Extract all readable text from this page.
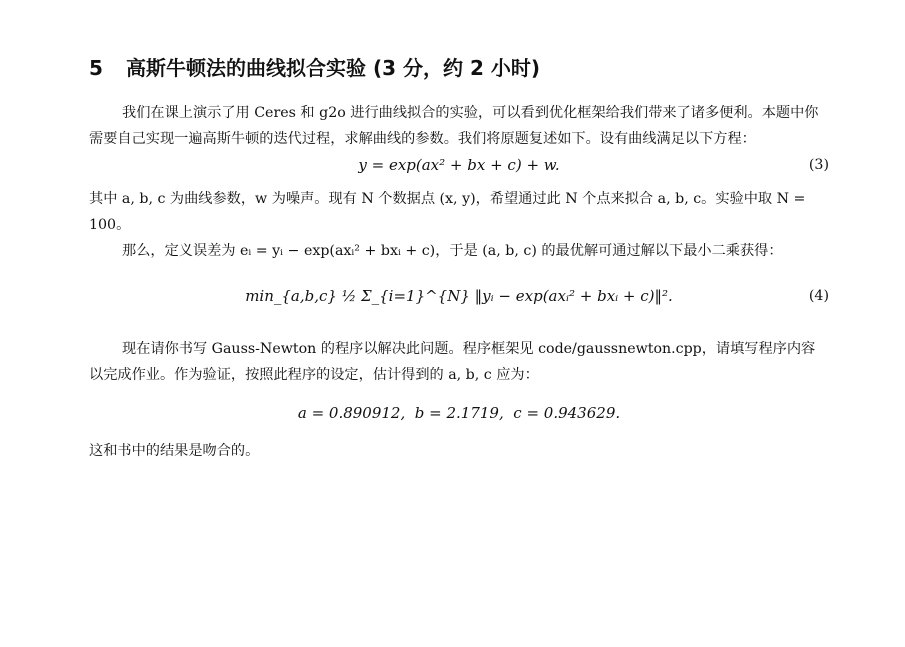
5	高斯牛顿法的曲线拟合实验 (3 分，约 2 小时)

我们在课上演示了用 Ceres 和 g2o 进行曲线拟合的实验，可以看到优化框架给我们带来了诸多便利。本题中你需要自己实现一遍高斯牛顿的迭代过程，求解曲线的参数。我们将原题复述如下。设有曲线满足以下方程：

y = exp(ax² + bx + c) + w.	(3)

其中 a, b, c 为曲线参数，w 为噪声。现有 N 个数据点 (x, y)，希望通过此 N 个点来拟合 a, b, c。实验中取 N = 100。

那么，定义误差为 eᵢ = yᵢ − exp(axᵢ² + bxᵢ + c)，于是 (a, b, c) 的最优解可通过解以下最小二乘获得：

min_{a,b,c} ½ Σ_{i=1}^{N} ‖yᵢ − exp(axᵢ² + bxᵢ + c)‖².	(4)

现在请你书写 Gauss-Newton 的程序以解决此问题。程序框架见 code/gaussnewton.cpp，请填写程序内容以完成作业。作为验证，按照此程序的设定，估计得到的 a, b, c 应为：

a = 0.890912,  b = 2.1719,  c = 0.943629.

这和书中的结果是吻合的。
